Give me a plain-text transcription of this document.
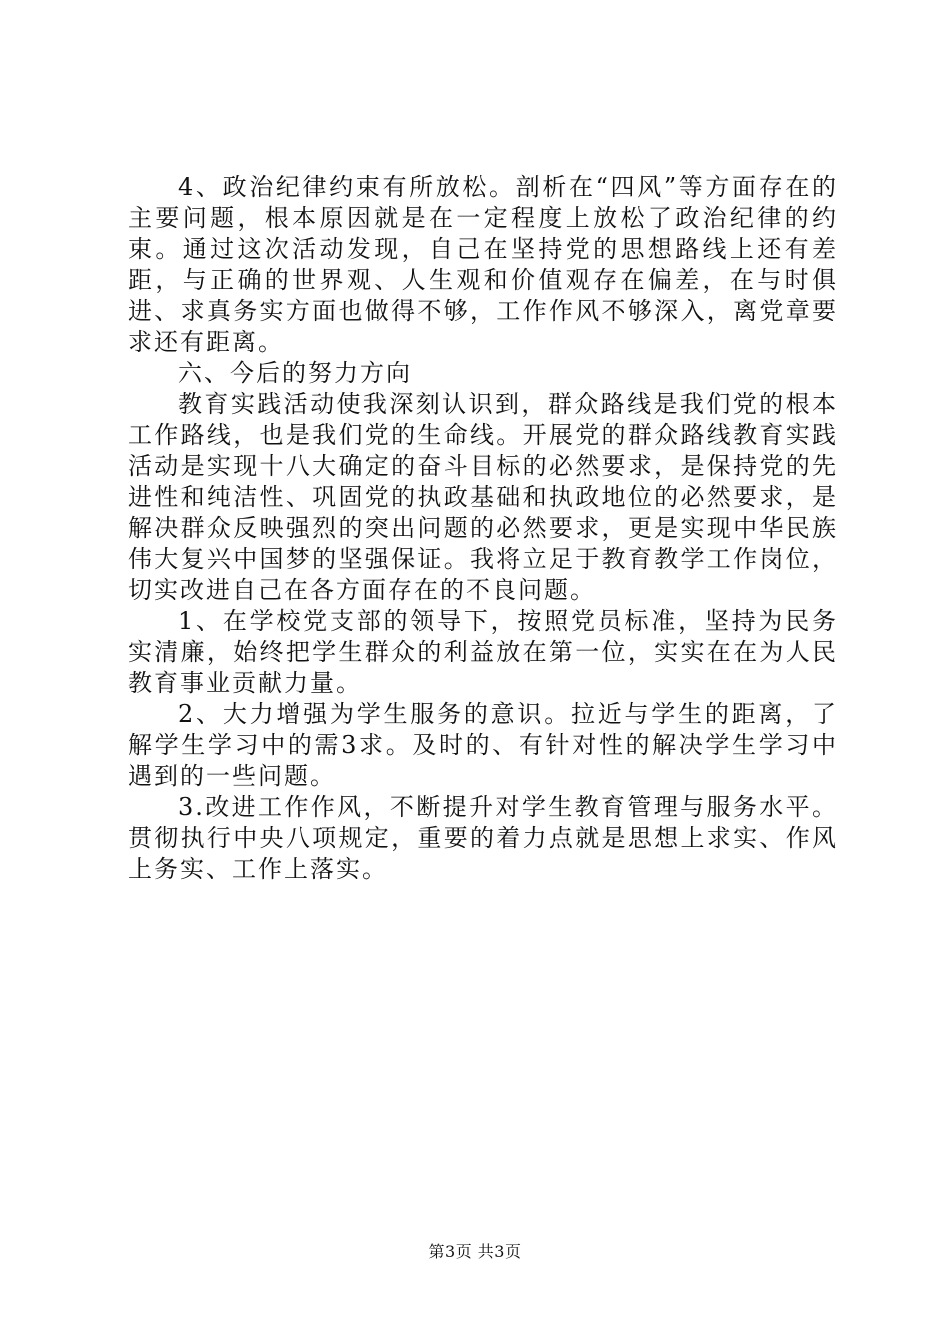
4、政治纪律约束有所放松。剖析在“四风”等方面存在的主要问题，根本原因就是在一定程度上放松了政治纪律的约束。通过这次活动发现，自己在坚持党的思想路线上还有差距，与正确的世界观、人生观和价值观存在偏差，在与时俱进、求真务实方面也做得不够，工作作风不够深入，离党章要求还有距离。

六、今后的努力方向

教育实践活动使我深刻认识到，群众路线是我们党的根本工作路线，也是我们党的生命线。开展党的群众路线教育实践活动是实现十八大确定的奋斗目标的必然要求，是保持党的先进性和纯洁性、巩固党的执政基础和执政地位的必然要求，是解决群众反映强烈的突出问题的必然要求，更是实现中华民族伟大复兴中国梦的坚强保证。我将立足于教育教学工作岗位，切实改进自己在各方面存在的不良问题。

1、在学校党支部的领导下，按照党员标准，坚持为民务实清廉，始终把学生群众的利益放在第一位，实实在在为人民教育事业贡献力量。

2、大力增强为学生服务的意识。拉近与学生的距离，了解学生学习中的需3求。及时的、有针对性的解决学生学习中遇到的一些问题。

3.改进工作作风，不断提升对学生教育管理与服务水平。贯彻执行中央八项规定，重要的着力点就是思想上求实、作风上务实、工作上落实。

第3页 共3页
